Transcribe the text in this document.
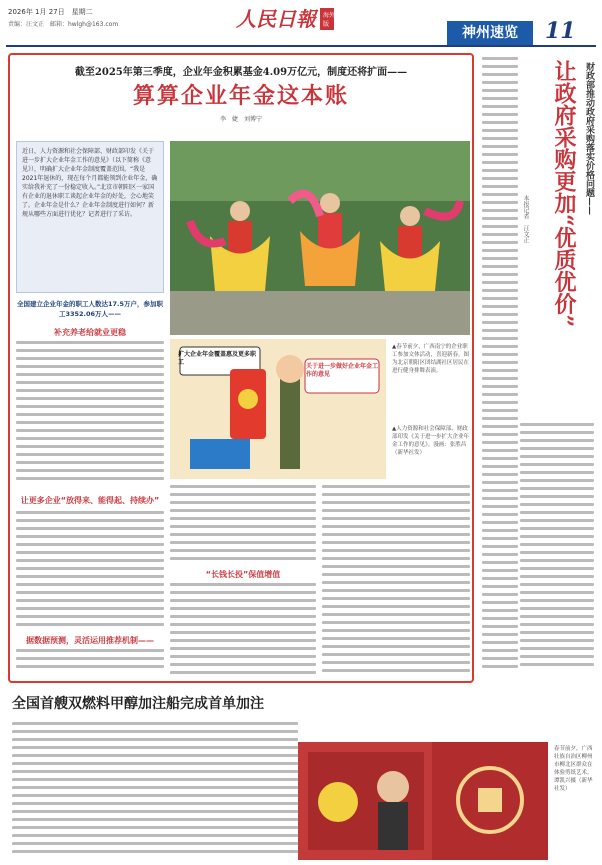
2026年 1月 27日　星期二
责编：汪文正　邮箱：hwlgh@163.com	人民日報	海外
版
神州速览	11
截至2025年第三季度，企业年金积累基金4.09万亿元，制度还将扩面——
算算企业年金这本账
李　婕　刘博宁
近日，人力资源和社会保障部、财政部印发《关于进一步扩大企业年金工作的意见》（以下简称《意见》），明确扩大企业年金制度覆盖范围。“我是2021年退休的，现在每个月都能领到企业年金，确实给我补充了一份稳定收入。”北京市朝阳区一家国有企业的退休职工谈起企业年金的好处，会心地笑了。企业年金是什么？企业年金制度进行如何？新规从哪些方面进行优化？记者进行了采访。
全国建立企业年金的职工人数达17.5万户，参加职工3352.06万人——
补充养老给就业更稳
让更多企业“放得来、能得起、持续办”
据数据预测，灵活运用推荐机制——
扩大企业年金覆盖惠及更多职工
关于进一步做好企业年金工作的意见
▲春节前夕，广西南宁的企业职工参加文体活动，喜迎新春。图为北京朝阳区团结湖社区居民在进行健身排舞表演。
▲人力资源和社会保障部、财政部印发《关于进一步扩大企业年金工作的意见》。漫画：张胜昌（新华社发）
“长钱长投”保值增值
让政府采购更加“优质优价” 财政部推动政府采购落实价格问题——
本报记者　汪文正
全国首艘双燃料甲醇加注船完成首单加注
春节前夕，广西壮族自治区柳州市柳北区群众在体验剪纸艺术。谭凯兴摄（新华社发）
